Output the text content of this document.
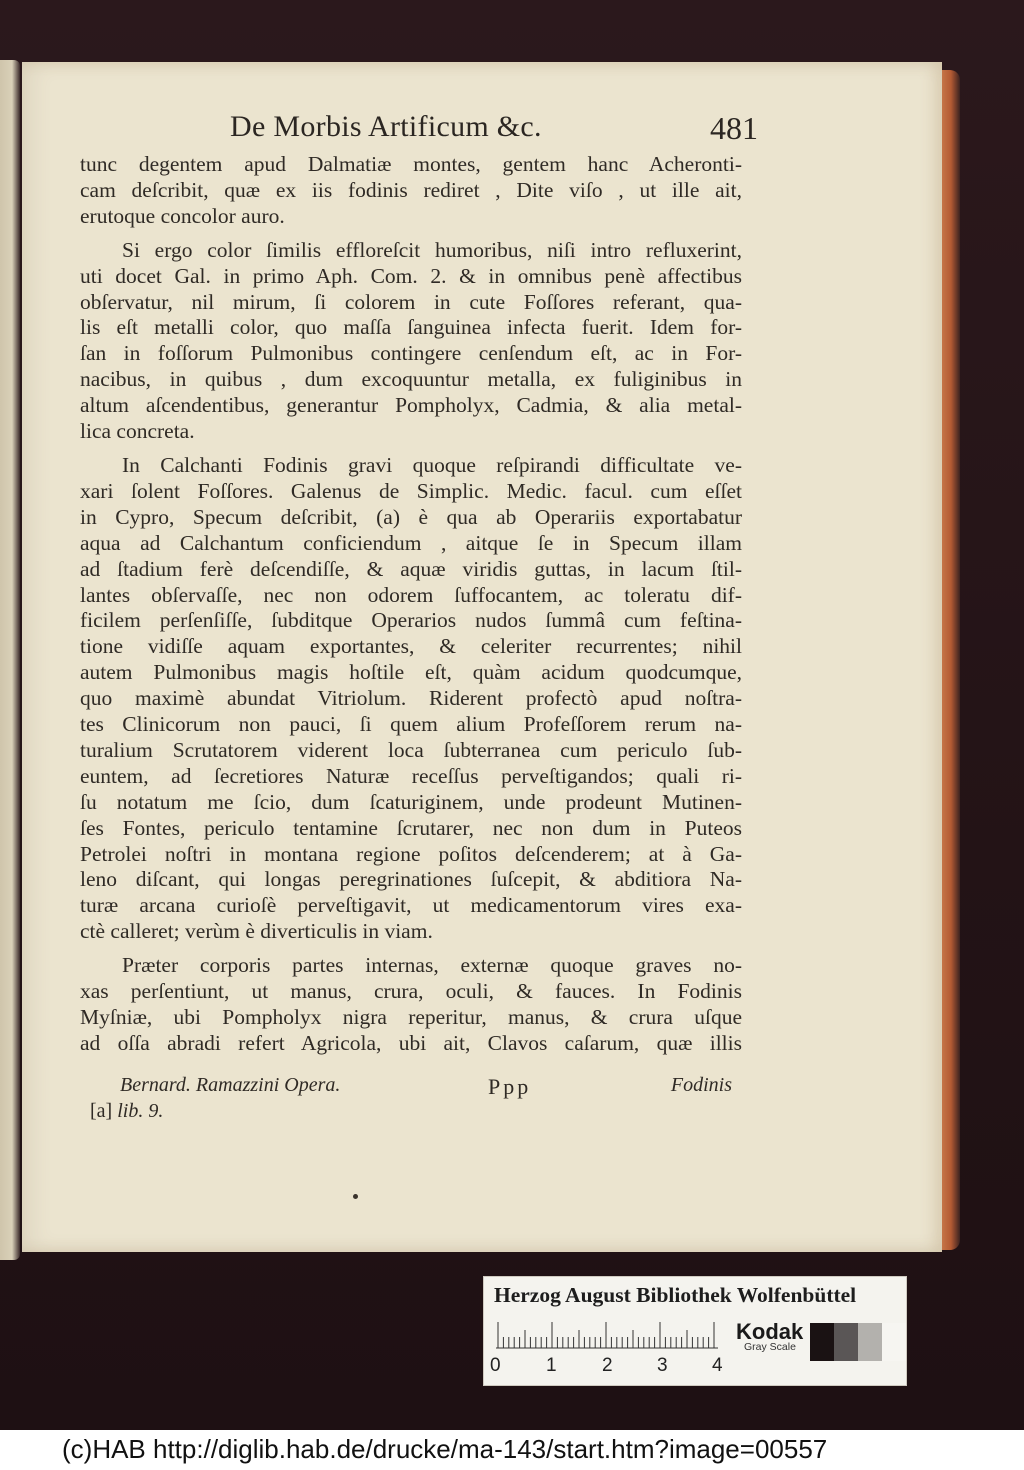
De Morbis Artificum &c.	481
tunc degentem apud Dalmatiæ montes, gentem hanc Acheronti-
cam deſcribit, quæ ex iis fodinis rediret , Dite viſo , ut ille ait,
erutoque concolor auro.
Si ergo color ſimilis effloreſcit humoribus, niſi intro refluxerint,
uti docet Gal. in primo Aph. Com. 2. & in omnibus penè affectibus
obſervatur, nil mirum, ſi colorem in cute Foſſores referant, qua-
lis eſt metalli color, quo maſſa ſanguinea infecta fuerit. Idem for-
ſan in foſſorum Pulmonibus contingere cenſendum eſt, ac in For-
nacibus, in quibus , dum excoquuntur metalla, ex fuliginibus in
altum aſcendentibus, generantur Pompholyx, Cadmia, & alia metal-
lica concreta.
In Calchanti Fodinis gravi quoque reſpirandi difficultate ve-
xari ſolent Foſſores. Galenus de Simplic. Medic. facul. cum eſſet
in Cypro, Specum deſcribit, (a) è qua ab Operariis exportabatur
aqua ad Calchantum conficiendum , aitque ſe in Specum illam
ad ſtadium ferè deſcendiſſe, & aquæ viridis guttas, in lacum ſtil-
lantes obſervaſſe, nec non odorem ſuffocantem, ac toleratu dif-
ficilem perſenſiſſe, ſubditque Operarios nudos ſummâ cum feſtina-
tione vidiſſe aquam exportantes, & celeriter recurrentes; nihil
autem Pulmonibus magis hoſtile eſt, quàm acidum quodcumque,
quo maximè abundat Vitriolum. Riderent profectò apud noſtra-
tes Clinicorum non pauci, ſi quem alium Profeſſorem rerum na-
turalium Scrutatorem viderent loca ſubterranea cum periculo ſub-
euntem, ad ſecretiores Naturæ receſſus perveſtigandos; quali ri-
ſu notatum me ſcio, dum ſcaturiginem, unde prodeunt Mutinen-
ſes Fontes, periculo tentamine ſcrutarer, nec non dum in Puteos
Petrolei noſtri in montana regione poſitos deſcenderem; at à Ga-
leno diſcant, qui longas peregrinationes ſuſcepit, & abditiora Na-
turæ arcana curioſè perveſtigavit, ut medicamentorum vires exa-
ctè calleret; verùm è diverticulis in viam.
Præter corporis partes internas, externæ quoque graves no-
xas perſentiunt, ut manus, crura, oculi, & fauces. In Fodinis
Myſniæ, ubi Pompholyx nigra reperitur, manus, & crura uſque
ad oſſa abradi refert Agricola, ubi ait, Clavos caſarum, quæ illis
Bernard. Ramazzini Opera.	Ppp	Fodinis
[a] lib. 9.
Herzog August Bibliothek Wolfenbüttel
0 1 2 3 4
Kodak
Gray Scale
(c)HAB http://diglib.hab.de/drucke/ma-143/start.htm?image=00557
